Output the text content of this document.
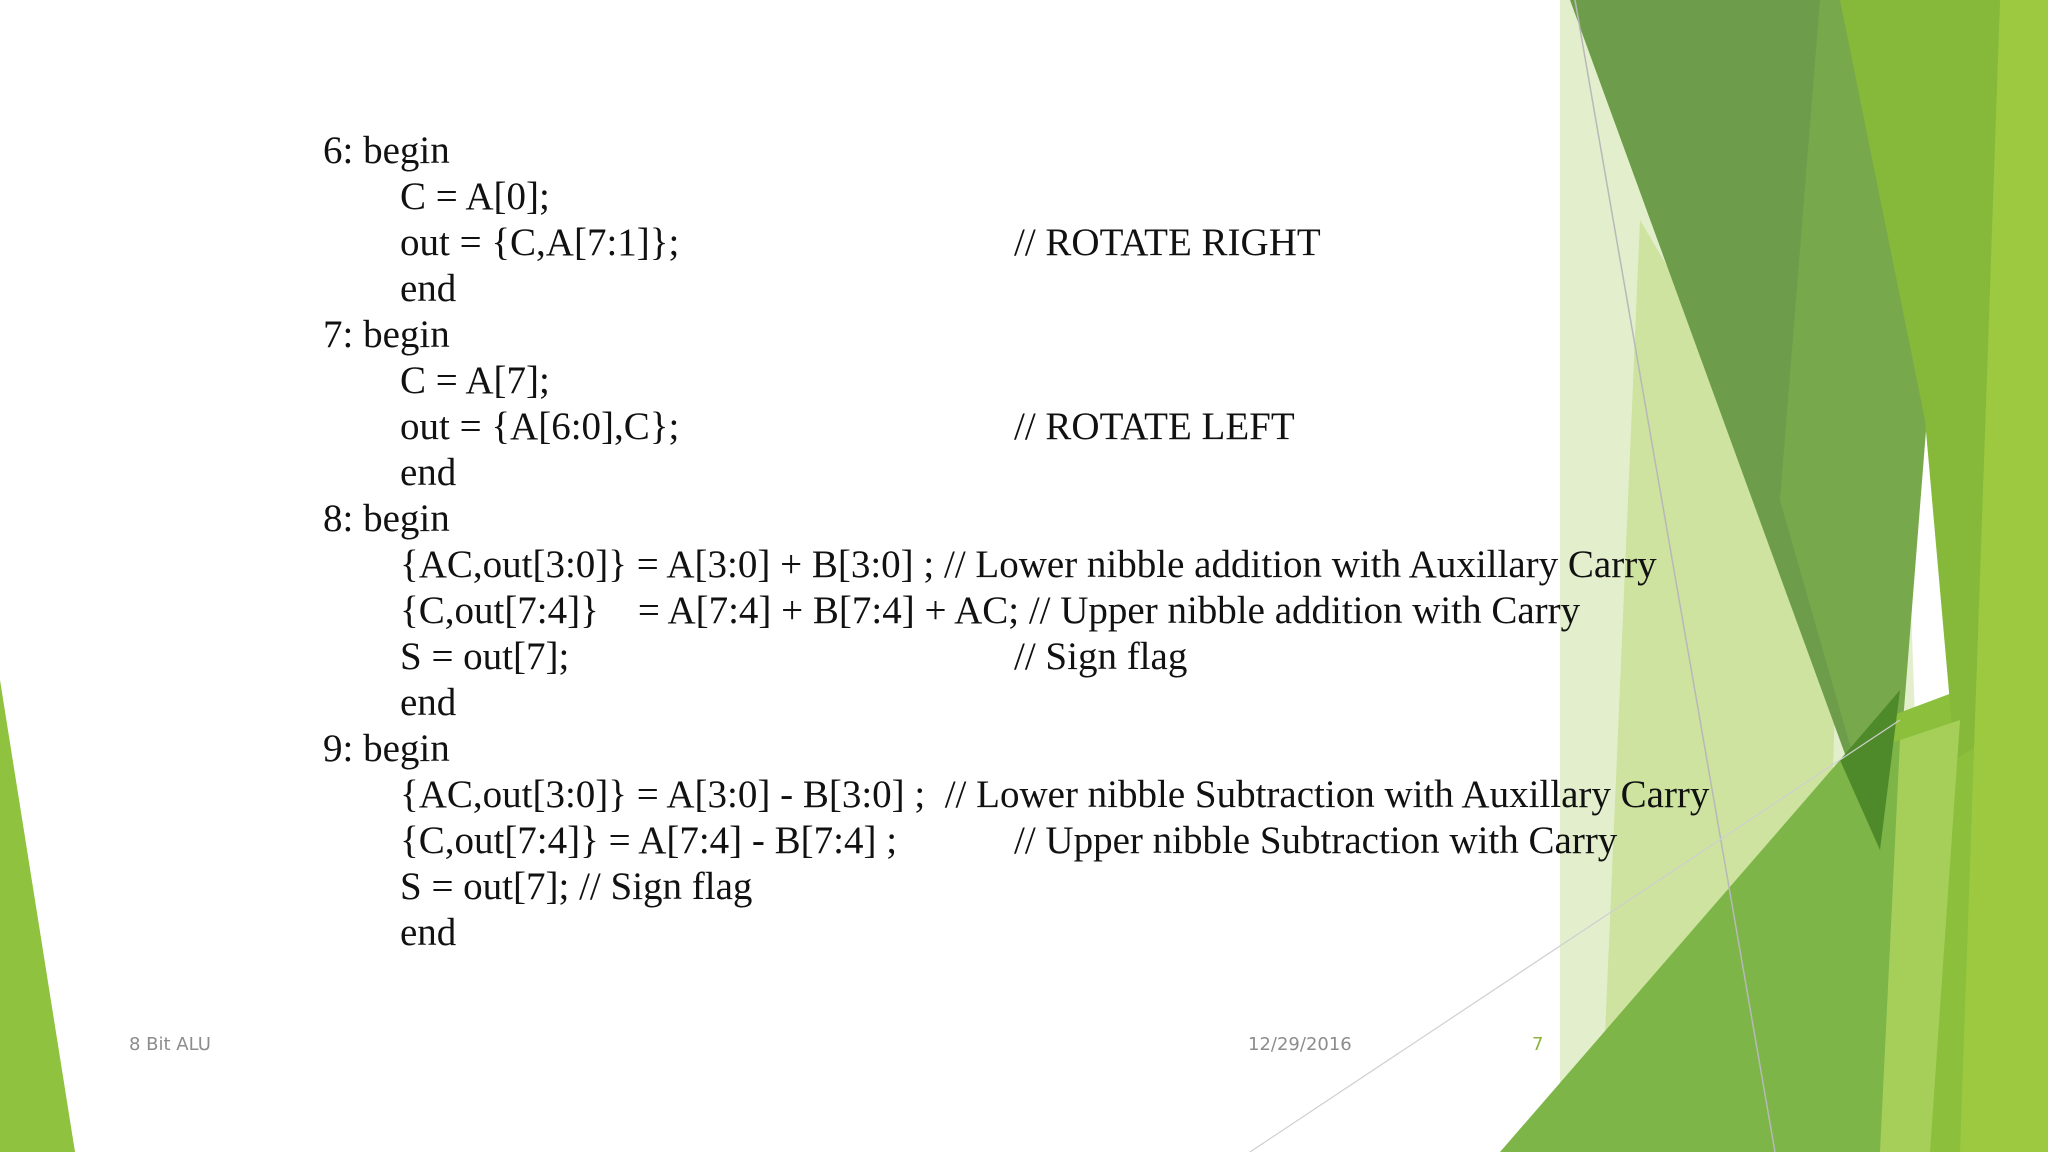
6: begin
C = A[0];
out = {C,A[7:1]};	// ROTATE RIGHT
end
7: begin
C = A[7];
out = {A[6:0],C};	// ROTATE LEFT
end
8: begin
{AC,out[3:0]} = A[3:0] + B[3:0] ; // Lower nibble addition with Auxillary Carry
{C,out[7:4]}    = A[7:4] + B[7:4] + AC; // Upper nibble addition with Carry
S = out[7];	// Sign flag
end
9: begin
{AC,out[3:0]} = A[3:0] - B[3:0] ;  // Lower nibble Subtraction with Auxillary Carry
{C,out[7:4]} = A[7:4] - B[7:4] ;	// Upper nibble Subtraction with Carry
S = out[7]; // Sign flag
end
8 Bit ALU	12/29/2016	7
